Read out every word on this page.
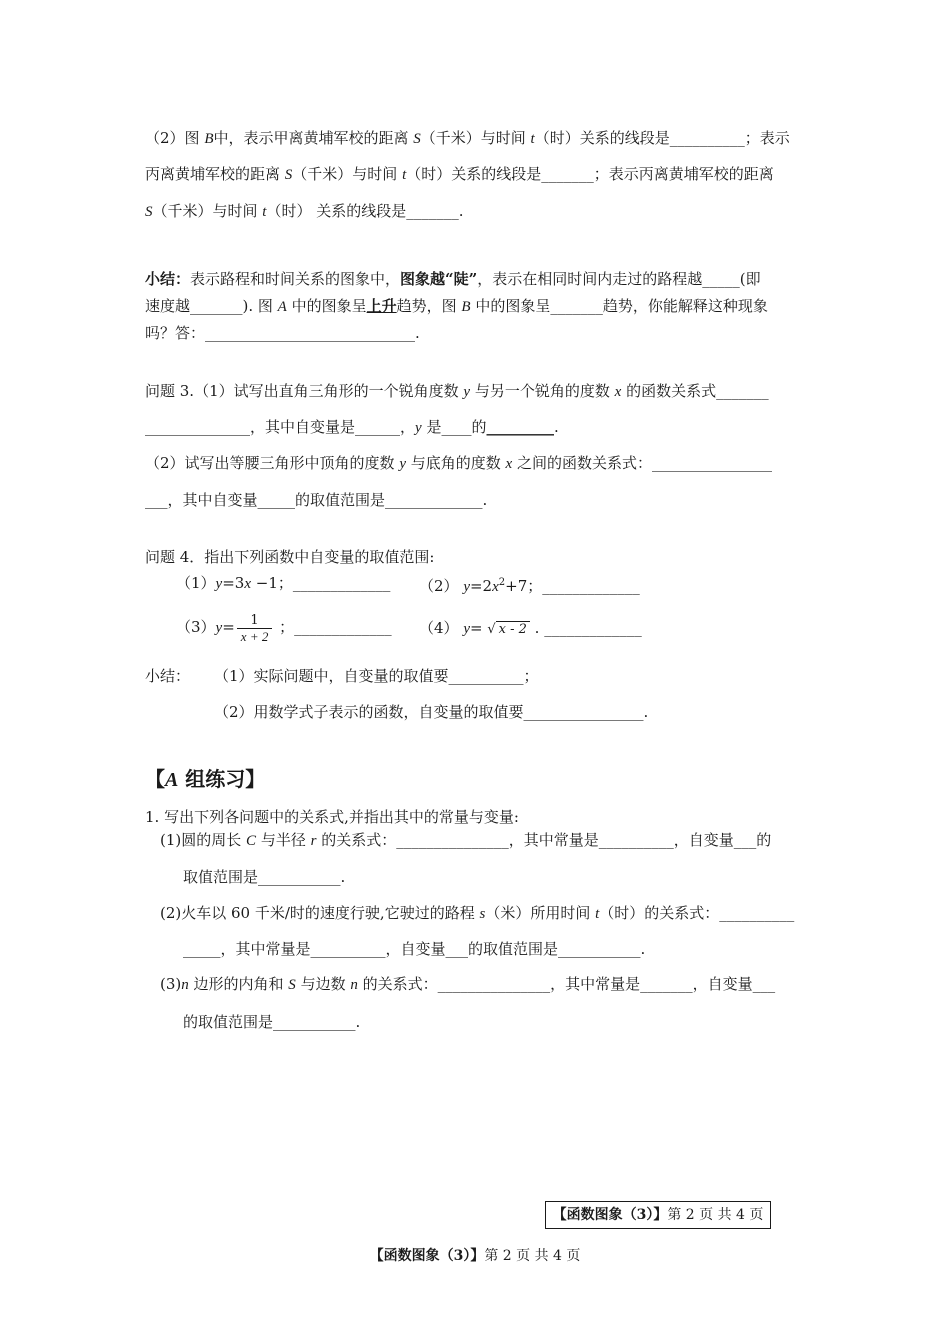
（2）图 B中，表示甲离黄埔军校的距离 S（千米）与时间 t（时）关系的线段是__________；表示
丙离黄埔军校的距离 S（千米）与时间 t（时）关系的线段是_______；表示丙离黄埔军校的距离
S（千米）与时间 t（时） 关系的线段是_______.
小结：表示路程和时间关系的图象中，图象越“陡”，表示在相同时间内走过的路程越_____(即
速度越_______). 图 A 中的图象呈上升趋势，图 B 中的图象呈_______趋势，你能解释这种现象
吗？答：____________________________.
问题 3.（1）试写出直角三角形的一个锐角度数 y 与另一个锐角的度数 x 的函数关系式_______
______________，其中自变量是______，y 是____的_________.
（2）试写出等腰三角形中顶角的度数 y 与底角的度数 x 之间的函数关系式：________________
___，其中自变量_____的取值范围是_____________.
问题 4．指出下列函数中自变量的取值范围:
（1）y=3x −1；_____________ （2） $y=2x^2+7$；_____________
$(3)y= \frac{1}{x + 2}$ ；_____________ （4） y= √ x - 2 . _____________
小结： （1）实际问题中，自变量的取值要__________；
（2）用数学式子表示的函数，自变量的取值要________________.
【A 组练习】
1. 写出下列各问题中的关系式,并指出其中的常量与变量:
(1)圆的周长 C 与半径 r 的关系式：_______________，其中常量是__________，自变量___的
取值范围是___________.
(2)火车以 60 千米/时的速度行驶,它驶过的路程 s（米）所用时间 t（时）的关系式：__________
_____，其中常量是__________，自变量___的取值范围是___________.
(3)n 边形的内角和 S 与边数 n 的关系式：_______________，其中常量是_______，自变量___
的取值范围是___________.
【函数图象（3）】第 2 页 共 4 页
【函数图象（3）】第 2 页 共 4 页
